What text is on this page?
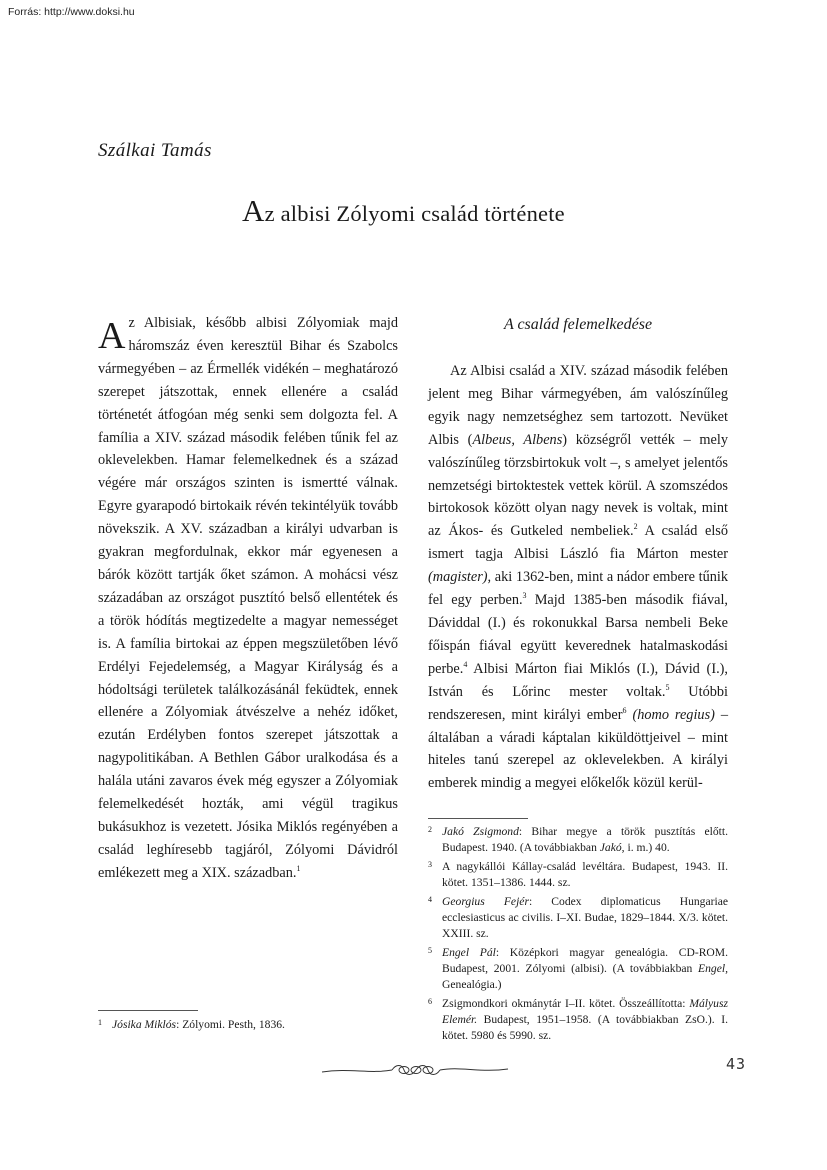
Forrás: http://www.doksi.hu
Szálkai Tamás
Az albisi Zólyomi család története

Az Albisiak, később albisi Zólyomiak majd háromszáz éven keresztül Bihar és Szabolcs vármegyében – az Érmellék vidékén – meghatározó szerepet játszottak, ennek ellenére a család történetét átfogóan még senki sem dolgozta fel. A família a XIV. század második felében tűnik fel az oklevelekben. Hamar felemelkednek és a század végére már országos szinten is ismertté válnak. Egyre gyarapodó birtokaik révén tekintélyük tovább növekszik. A XV. században a királyi udvarban is gyakran megfordulnak, ekkor már egyenesen a bárók között tartják őket számon. A mohácsi vész századában az országot pusztító belső ellentétek és a török hódítás megtizedelte a magyar nemességet is. A família birtokai az éppen megszületőben lévő Erdélyi Fejedelemség, a Magyar Királyság és a hódoltsági területek találkozásánál feküdtek, ennek ellenére a Zólyomiak átvészelve a nehéz időket, ezután Erdélyben fontos szerepet játszottak a nagypolitikában. A Bethlen Gábor uralkodása és a halála utáni zavaros évek még egyszer a Zólyomiak felemelkedését hozták, ami végül tragikus bukásukhoz is vezetett. Jósika Miklós regényében a család leghíresebb tagjáról, Zólyomi Dávidról emlékezett meg a XIX. században.$^1$

A család felemelkedése

Az Albisi család a XIV. század második felében jelent meg Bihar vármegyében, ám valószínűleg egyik nagy nemzetséghez sem tartozott. Nevüket Albis (Albeus, Albens) községről vették – mely valószínűleg törzsbirtokuk volt –, s amelyet jelentős nemzetségi birtoktestek vettek körül. A szomszédos birtokosok között olyan nagy nevek is voltak, mint az Ákos- és Gutkeled nembeliek.$^2$ A család első ismert tagja Albisi László fia Márton mester (magister), aki 1362-ben, mint a nádor embere tűnik fel egy perben.$^3$ Majd 1385-ben második fiával, Dáviddal (I.) és rokonukkal Barsa nembeli Beke főispán fiával együtt keverednek hatalmaskodási perbe.$^4$ Albisi Márton fiai Miklós (I.), Dávid (I.), István és Lőrinc mester voltak.$^5$ Utóbbi rendszeresen, mint királyi ember$^6$ (homo regius) – általában a váradi káptalan kiküldöttjeivel – mint hiteles tanú szerepel az oklevelekben. A királyi emberek mindig a megyei előkelők közül kerül-

2 Jakó Zsigmond: Bihar megye a török pusztítás előtt. Budapest. 1940. (A továbbiakban Jakó, i. m.) 40.
3 A nagykállói Kállay-család levéltára. Budapest, 1943. II. kötet. 1351–1386. 1444. sz.
4 Georgius Fejér: Codex diplomaticus Hungariae ecclesiasticus ac civilis. I–XI. Budae, 1829–1844. X/3. kötet. XXIII. sz.
5 Engel Pál: Középkori magyar genealógia. CD-ROM. Budapest, 2001. Zólyomi (albisi). (A továbbiakban Engel, Genealógia.)
6 Zsigmondkori okmánytár I–II. kötet. Összeállította: Mályusz Elemér. Budapest, 1951–1958. (A továbbiakban ZsO.). I. kötet. 5980 és 5990. sz.
1 Jósika Miklós: Zólyomi. Pesth, 1836.
43
